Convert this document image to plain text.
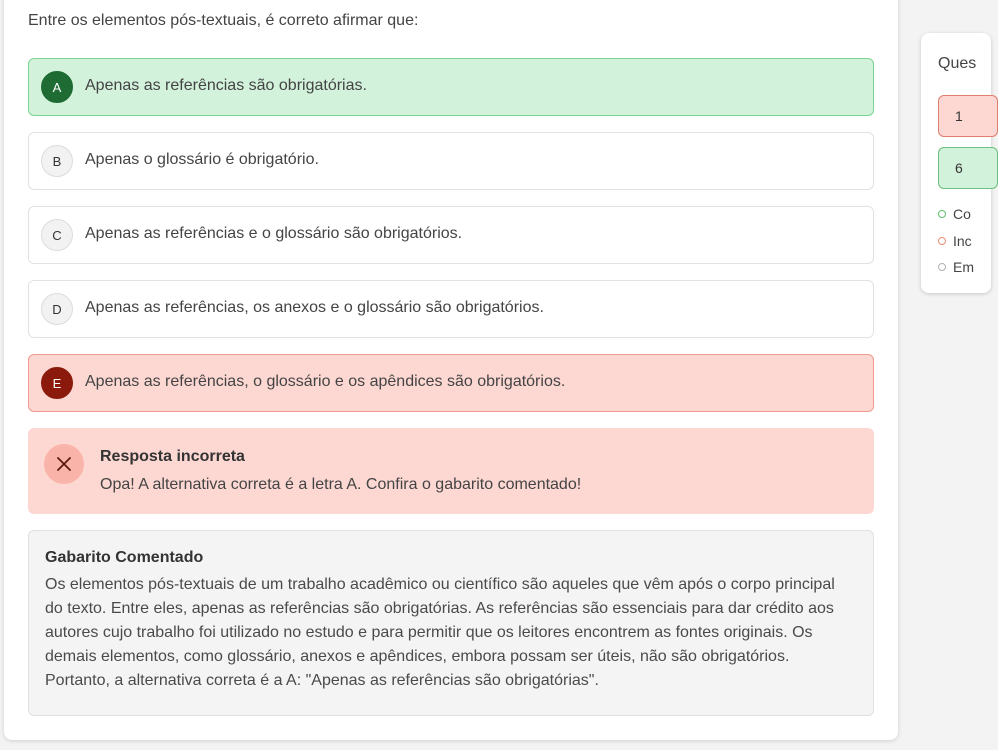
Entre os elementos pós-textuais, é correto afirmar que:
A	Apenas as referências são obrigatórias.
B	Apenas o glossário é obrigatório.
C	Apenas as referências e o glossário são obrigatórios.
D	Apenas as referências, os anexos e o glossário são obrigatórios.
E	Apenas as referências, o glossário e os apêndices são obrigatórios.
Resposta incorreta
Opa! A alternativa correta é a letra A. Confira o gabarito comentado!
Gabarito Comentado
Os elementos pós-textuais de um trabalho acadêmico ou científico são aqueles que vêm após o corpo principal do texto. Entre eles, apenas as referências são obrigatórias. As referências são essenciais para dar crédito aos autores cujo trabalho foi utilizado no estudo e para permitir que os leitores encontrem as fontes originais. Os demais elementos, como glossário, anexos e apêndices, embora possam ser úteis, não são obrigatórios. Portanto, a alternativa correta é a A: "Apenas as referências são obrigatórias".
Ques
1
6
Co
Inc
Em
